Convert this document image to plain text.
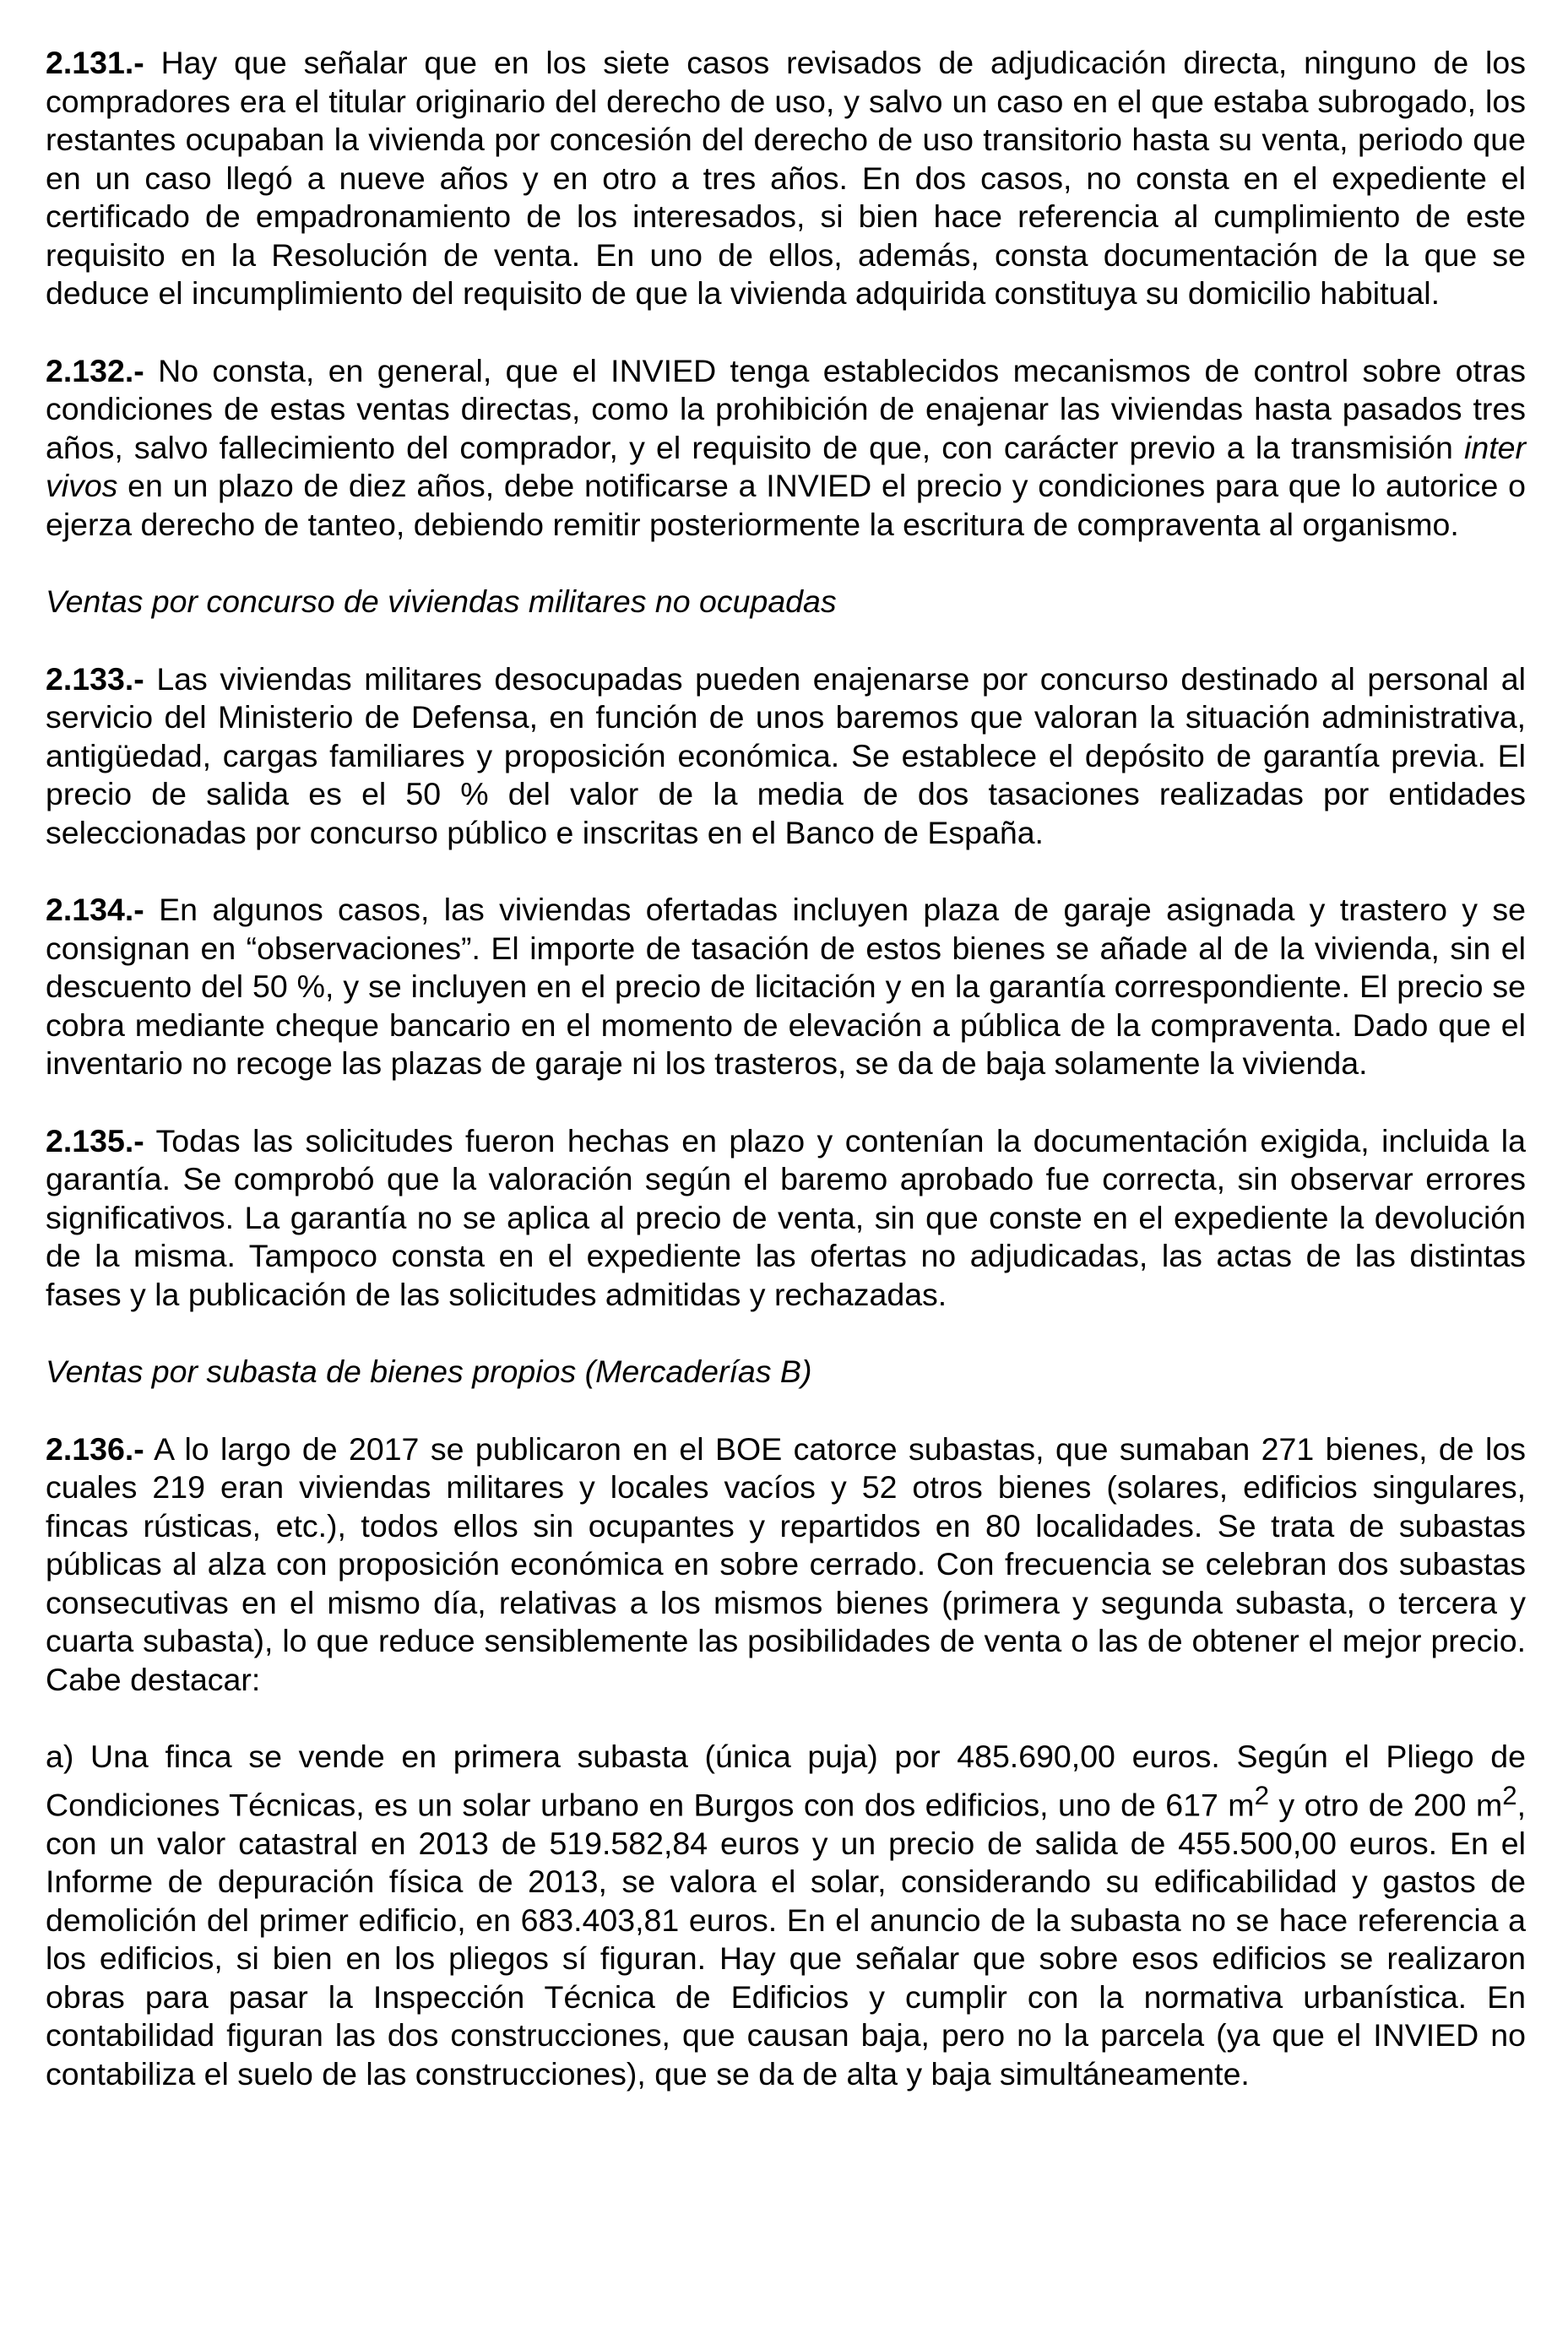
2.131.- Hay que señalar que en los siete casos revisados de adjudicación directa, ninguno de los compradores era el titular originario del derecho de uso, y salvo un caso en el que estaba subrogado, los restantes ocupaban la vivienda por concesión del derecho de uso transitorio hasta su venta, periodo que en un caso llegó a nueve años y en otro a tres años. En dos casos, no consta en el expediente el certificado de empadronamiento de los interesados, si bien hace referencia al cumplimiento de este requisito en la Resolución de venta. En uno de ellos, además, consta documentación de la que se deduce el incumplimiento del requisito de que la vivienda adquirida constituya su domicilio habitual.

2.132.- No consta, en general, que el INVIED tenga establecidos mecanismos de control sobre otras condiciones de estas ventas directas, como la prohibición de enajenar las viviendas hasta pasados tres años, salvo fallecimiento del comprador, y el requisito de que, con carácter previo a la transmisión inter vivos en un plazo de diez años, debe notificarse a INVIED el precio y condiciones para que lo autorice o ejerza derecho de tanteo, debiendo remitir posteriormente la escritura de compraventa al organismo.

Ventas por concurso de viviendas militares no ocupadas

2.133.- Las viviendas militares desocupadas pueden enajenarse por concurso destinado al personal al servicio del Ministerio de Defensa, en función de unos baremos que valoran la situación administrativa, antigüedad, cargas familiares y proposición económica. Se establece el depósito de garantía previa. El precio de salida es el 50 % del valor de la media de dos tasaciones realizadas por entidades seleccionadas por concurso público e inscritas en el Banco de España.

2.134.- En algunos casos, las viviendas ofertadas incluyen plaza de garaje asignada y trastero y se consignan en “observaciones”. El importe de tasación de estos bienes se añade al de la vivienda, sin el descuento del 50 %, y se incluyen en el precio de licitación y en la garantía correspondiente. El precio se cobra mediante cheque bancario en el momento de elevación a pública de la compraventa. Dado que el inventario no recoge las plazas de garaje ni los trasteros, se da de baja solamente la vivienda.

2.135.- Todas las solicitudes fueron hechas en plazo y contenían la documentación exigida, incluida la garantía. Se comprobó que la valoración según el baremo aprobado fue correcta, sin observar errores significativos. La garantía no se aplica al precio de venta, sin que conste en el expediente la devolución de la misma. Tampoco consta en el expediente las ofertas no adjudicadas, las actas de las distintas fases y la publicación de las solicitudes admitidas y rechazadas.

Ventas por subasta de bienes propios (Mercaderías B)

2.136.- A lo largo de 2017 se publicaron en el BOE catorce subastas, que sumaban 271 bienes, de los cuales 219 eran viviendas militares y locales vacíos y 52 otros bienes (solares, edificios singulares, fincas rústicas, etc.), todos ellos sin ocupantes y repartidos en 80 localidades. Se trata de subastas públicas al alza con proposición económica en sobre cerrado. Con frecuencia se celebran dos subastas consecutivas en el mismo día, relativas a los mismos bienes (primera y segunda subasta, o tercera y cuarta subasta), lo que reduce sensiblemente las posibilidades de venta o las de obtener el mejor precio. Cabe destacar:

a) Una finca se vende en primera subasta (única puja) por 485.690,00 euros. Según el Pliego de Condiciones Técnicas, es un solar urbano en Burgos con dos edificios, uno de 617 $m^2$ y otro de 200 $m^2$, con un valor catastral en 2013 de 519.582,84 euros y un precio de salida de 455.500,00 euros. En el Informe de depuración física de 2013, se valora el solar, considerando su edificabilidad y gastos de demolición del primer edificio, en 683.403,81 euros. En el anuncio de la subasta no se hace referencia a los edificios, si bien en los pliegos sí figuran. Hay que señalar que sobre esos edificios se realizaron obras para pasar la Inspección Técnica de Edificios y cumplir con la normativa urbanística. En contabilidad figuran las dos construcciones, que causan baja, pero no la parcela (ya que el INVIED no contabiliza el suelo de las construcciones), que se da de alta y baja simultáneamente.
